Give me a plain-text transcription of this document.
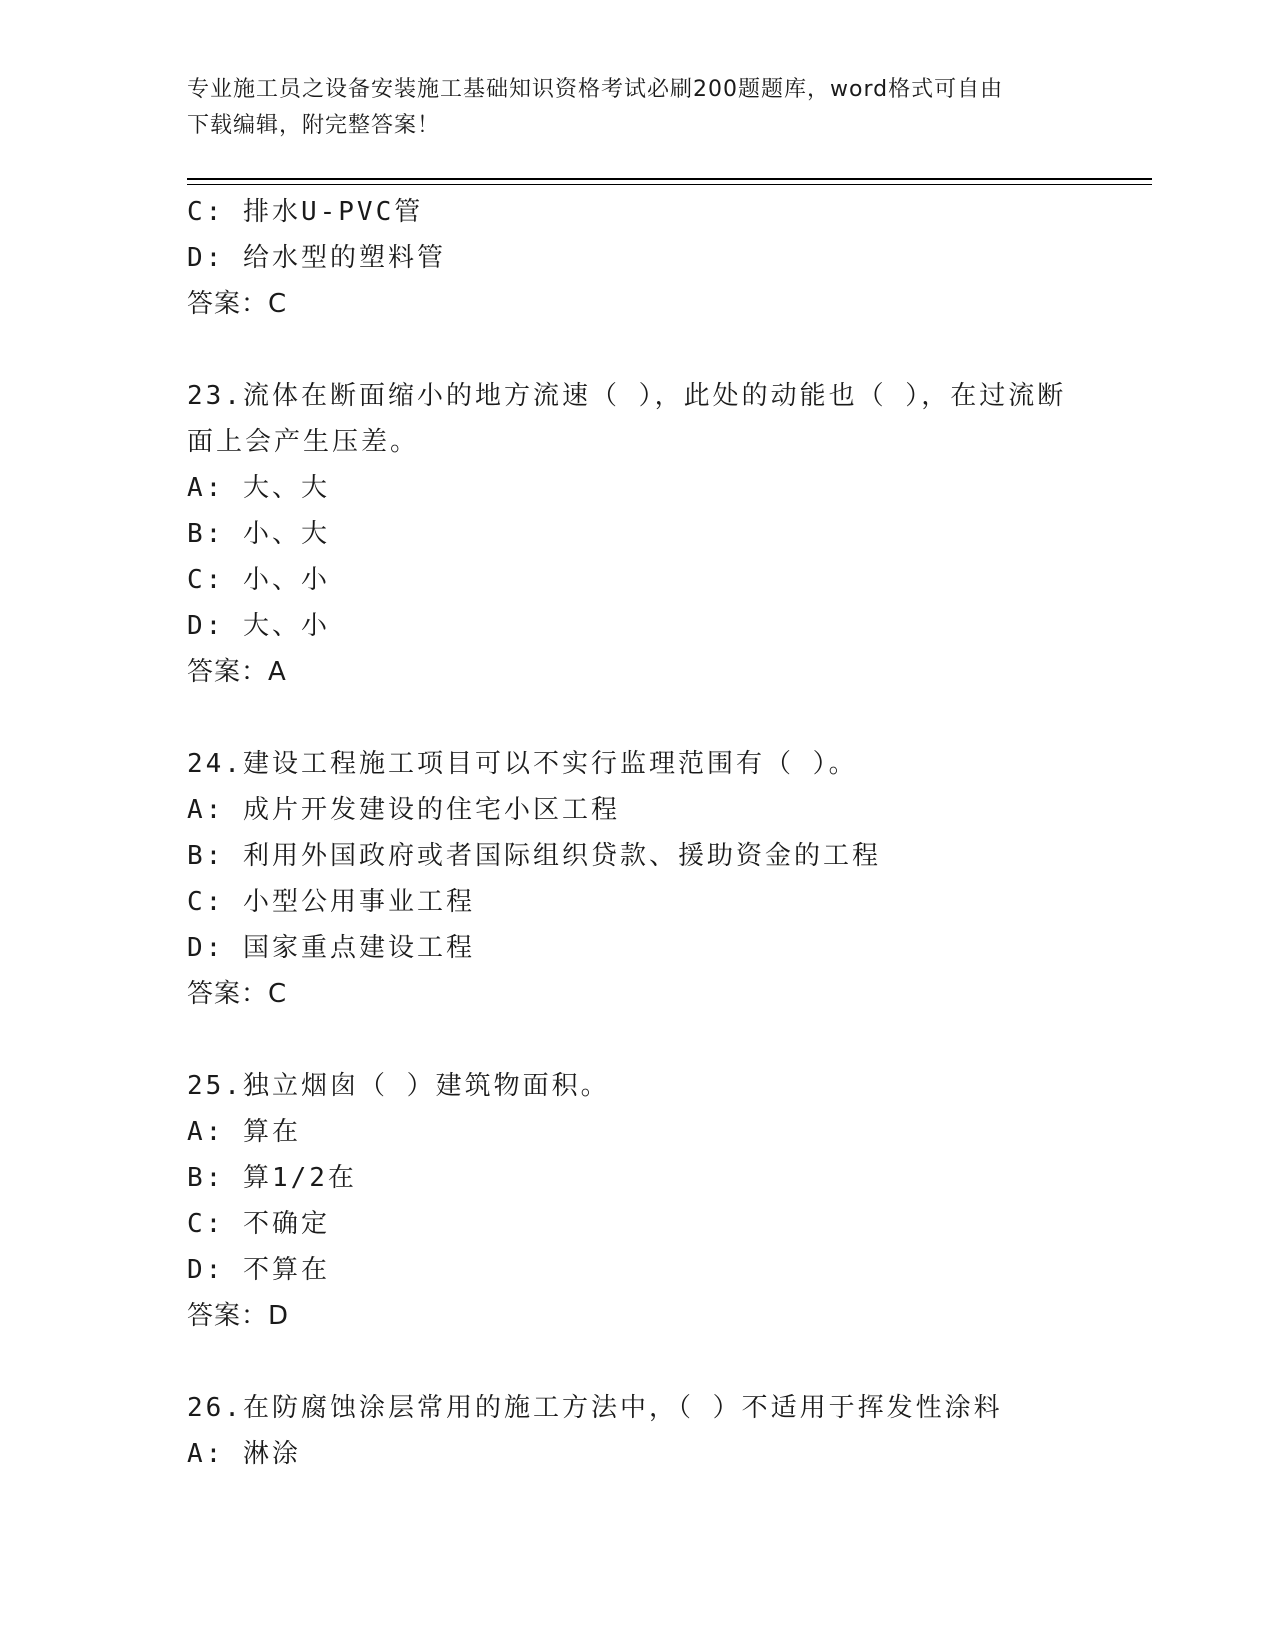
专业施工员之设备安装施工基础知识资格考试必刷200题题库，word格式可自由
下载编辑，附完整答案！
C: 排水U-PVC管
D: 给水型的塑料管
答案：C
23.流体在断面缩小的地方流速（ ），此处的动能也（ ），在过流断
面上会产生压差。
A: 大、大
B: 小、大
C: 小、小
D: 大、小
答案：A
24.建设工程施工项目可以不实行监理范围有（ ）。
A: 成片开发建设的住宅小区工程
B: 利用外国政府或者国际组织贷款、援助资金的工程
C: 小型公用事业工程
D: 国家重点建设工程
答案：C
25.独立烟囱（ ）建筑物面积。
A: 算在
B: 算1/2在
C: 不确定
D: 不算在
答案：D
26.在防腐蚀涂层常用的施工方法中，（ ）不适用于挥发性涂料
A: 淋涂
